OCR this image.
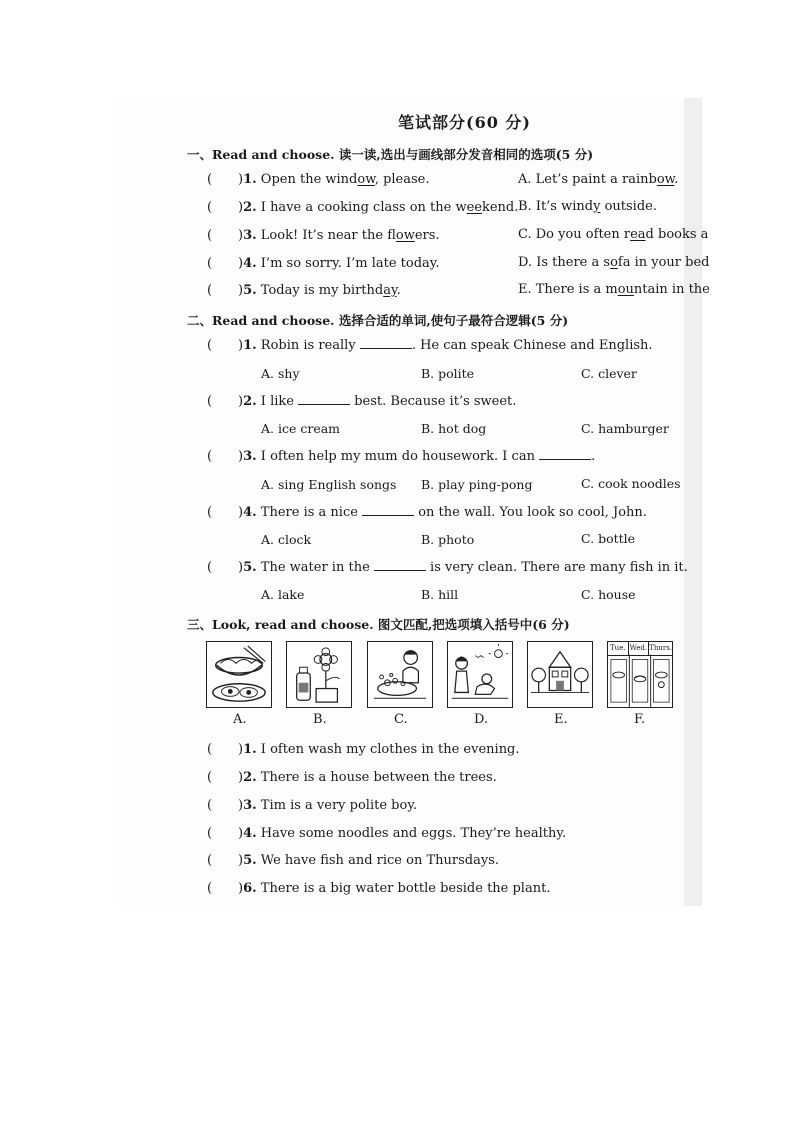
笔试部分(60 分)
一、Read and choose. 读一读,选出与画线部分发音相同的选项(5 分)
( )1. Open the window, please.	A. Let’s paint a rainbow.
( )2. I have a cooking class on the weekend. B. It’s windy outside.
( )3. Look! It’s near the flowers.	C. Do you often read books a
( )4. I’m so sorry. I’m late today.	D. Is there a sofa in your bed
( )5. Today is my birthday.	E. There is a mountain in the
二、Read and choose. 选择合适的单词,使句子最符合逻辑(5 分)
( )1. Robin is really	. He can speak Chinese and English.
A. shy	B. polite	C. clever
( )2. I like	best. Because it’s sweet.
A. ice cream	B. hot dog	C. hamburger
( )3. I often help my mum do housework. I can	.
A. sing English songs B. play ping-pong	C. cook noodles
( )4. There is a nice	on the wall. You look so cool, John.
A. clock	B. photo	C. bottle
( )5. The water in the	is very clean. There are many fish in it.
A. lake	B. hill	C. house
三、Look, read and choose. 图文匹配,把选项填入括号中(6 分)
Tue. Wed. Thurs.
A.	B.	C.	D.	E.	F.
( )1. I often wash my clothes in the evening.
( )2. There is a house between the trees.
( )3. Tim is a very polite boy.
( )4. Have some noodles and eggs. They’re healthy.
( )5. We have fish and rice on Thursdays.
( )6. There is a big water bottle beside the plant.
